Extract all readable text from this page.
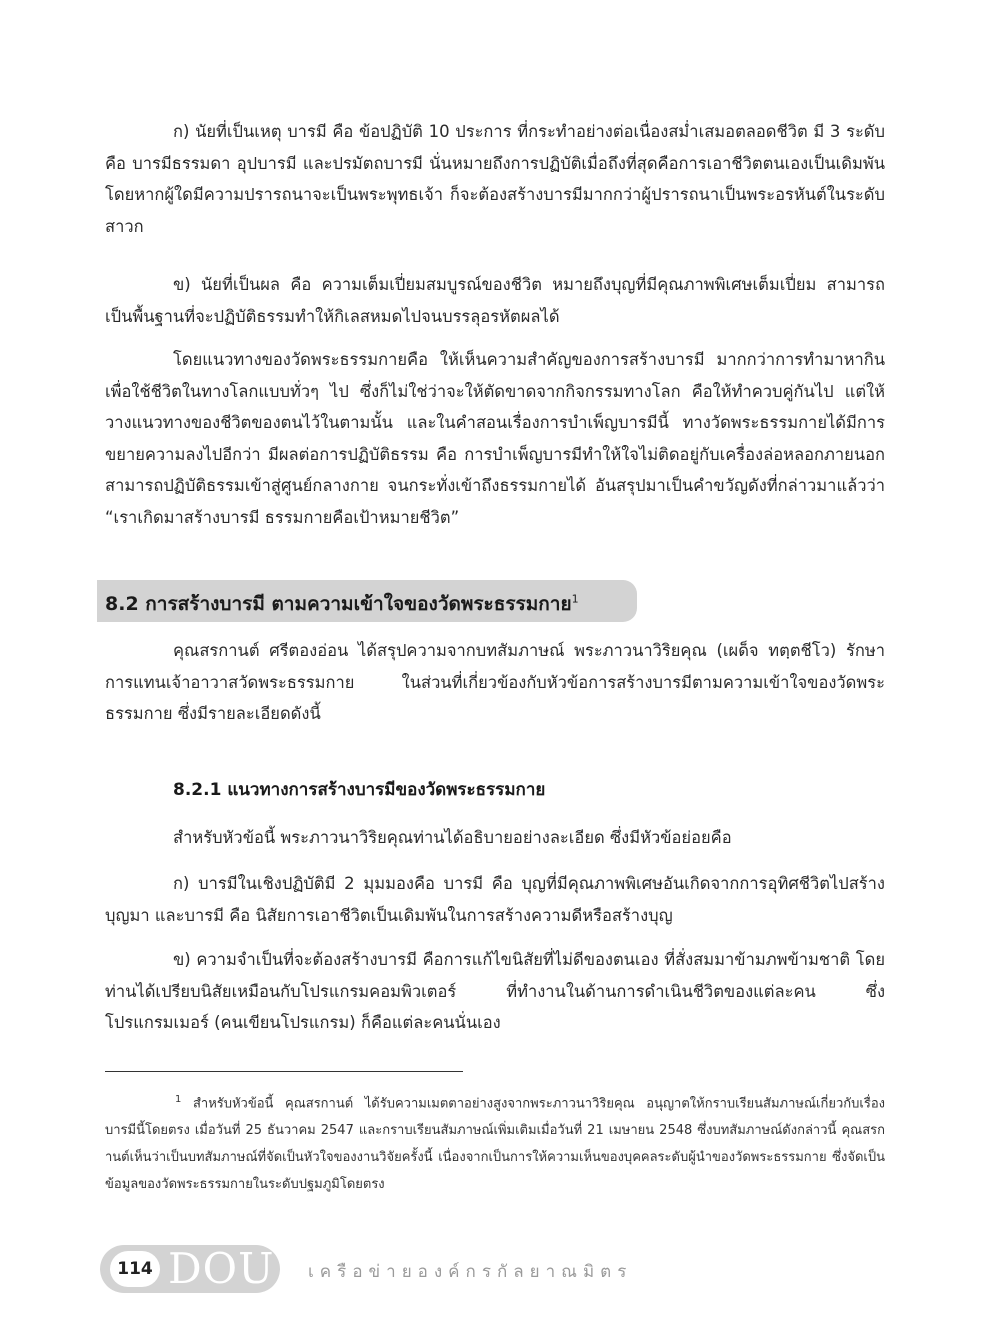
ก) นัยที่เป็นเหตุ บารมี คือ ข้อปฏิบัติ 10 ประการ ที่กระทำอย่างต่อเนื่องสม่ำเสมอตลอดชีวิต มี 3 ระดับคือ บารมีธรรมดา อุปบารมี และปรมัตถบารมี นั่นหมายถึงการปฏิบัติเมื่อถึงที่สุดคือการเอาชีวิตตนเองเป็นเดิมพัน โดยหากผู้ใดมีความปรารถนาจะเป็นพระพุทธเจ้า ก็จะต้องสร้างบารมีมากกว่าผู้ปรารถนาเป็นพระอรหันต์ในระดับสาวก

ข) นัยที่เป็นผล คือ ความเต็มเปี่ยมสมบูรณ์ของชีวิต หมายถึงบุญที่มีคุณภาพพิเศษเต็มเปี่ยม สามารถเป็นพื้นฐานที่จะปฏิบัติธรรมทำให้กิเลสหมดไปจนบรรลุอรหัตผลได้

โดยแนวทางของวัดพระธรรมกายคือ ให้เห็นความสำคัญของการสร้างบารมี มากกว่าการทำมาหากินเพื่อใช้ชีวิตในทางโลกแบบทั่วๆ ไป ซึ่งก็ไม่ใช่ว่าจะให้ตัดขาดจากกิจกรรมทางโลก คือให้ทำควบคู่กันไป แต่ให้วางแนวทางของชีวิตของตนไว้ในตามนั้น และในคำสอนเรื่องการบำเพ็ญบารมีนี้ ทางวัดพระธรรมกายได้มีการขยายความลงไปอีกว่า มีผลต่อการปฏิบัติธรรม คือ การบำเพ็ญบารมีทำให้ใจไม่ติดอยู่กับเครื่องล่อหลอกภายนอก สามารถปฏิบัติธรรมเข้าสู่ศูนย์กลางกาย จนกระทั่งเข้าถึงธรรมกายได้ อันสรุปมาเป็นคำขวัญดังที่กล่าวมาแล้วว่า “เราเกิดมาสร้างบารมี ธรรมกายคือเป้าหมายชีวิต”

8.2 การสร้างบารมี ตามความเข้าใจของวัดพระธรรมกาย$^1$

คุณสรกานต์ ศรีตองอ่อน ได้สรุปความจากบทสัมภาษณ์ พระภาวนาวิริยคุณ (เผด็จ ทตฺตชีโว) รักษาการแทนเจ้าอาวาสวัดพระธรรมกาย ในส่วนที่เกี่ยวข้องกับหัวข้อการสร้างบารมีตามความเข้าใจของวัดพระธรรมกาย ซึ่งมีรายละเอียดดังนี้

8.2.1 แนวทางการสร้างบารมีของวัดพระธรรมกาย

สำหรับหัวข้อนี้ พระภาวนาวิริยคุณท่านได้อธิบายอย่างละเอียด ซึ่งมีหัวข้อย่อยคือ

ก) บารมีในเชิงปฏิบัติมี 2 มุมมองคือ บารมี คือ บุญที่มีคุณภาพพิเศษอันเกิดจากการอุทิศชีวิตไปสร้างบุญมา และบารมี คือ นิสัยการเอาชีวิตเป็นเดิมพันในการสร้างความดีหรือสร้างบุญ

ข) ความจำเป็นที่จะต้องสร้างบารมี คือการแก้ไขนิสัยที่ไม่ดีของตนเอง ที่สั่งสมมาข้ามภพข้ามชาติ โดยท่านได้เปรียบนิสัยเหมือนกับโปรแกรมคอมพิวเตอร์ ที่ทำงานในด้านการดำเนินชีวิตของแต่ละคน ซึ่งโปรแกรมเมอร์ (คนเขียนโปรแกรม) ก็คือแต่ละคนนั่นเอง

$^1$ สำหรับหัวข้อนี้ คุณสรกานต์ ได้รับความเมตตาอย่างสูงจากพระภาวนาวิริยคุณ อนุญาตให้กราบเรียนสัมภาษณ์เกี่ยวกับเรื่องบารมีนี้โดยตรง เมื่อวันที่ 25 ธันวาคม 2547 และกราบเรียนสัมภาษณ์เพิ่มเติมเมื่อวันที่ 21 เมษายน 2548 ซึ่งบทสัมภาษณ์ดังกล่าวนี้ คุณสรกานต์เห็นว่าเป็นบทสัมภาษณ์ที่จัดเป็นหัวใจของงานวิจัยครั้งนี้ เนื่องจากเป็นการให้ความเห็นของบุคคลระดับผู้นำของวัดพระธรรมกาย ซึ่งจัดเป็นข้อมูลของวัดพระธรรมกายในระดับปฐมภูมิโดยตรง

114 DOU เครือข่ายองค์กรกัลยาณมิตร
